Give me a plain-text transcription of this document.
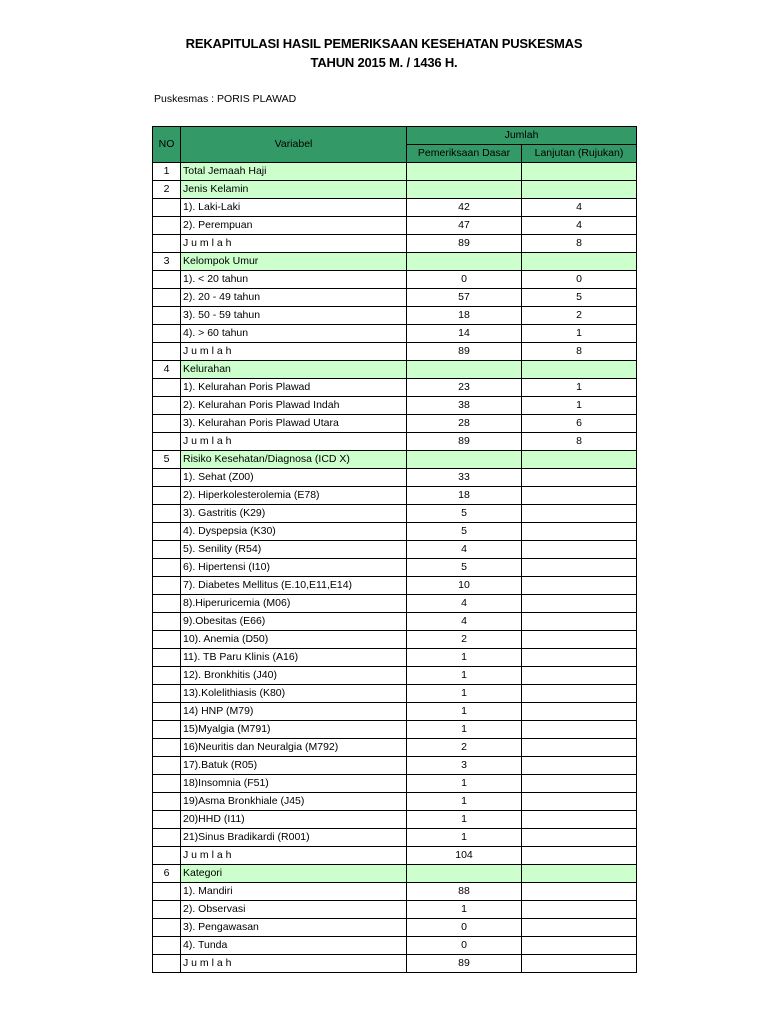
REKAPITULASI HASIL PEMERIKSAAN KESEHATAN PUSKESMAS
TAHUN 2015 M. / 1436 H.
Puskesmas : PORIS PLAWAD
NO	Variabel	Jumlah	
		Pemeriksaan Dasar	Lanjutan (Rujukan)
1	Total Jemaah Haji		
2	Jenis Kelamin		
	1). Laki-Laki	42	4
	2). Perempuan	47	4
	J u m l a h	89	8
3	Kelompok Umur		
	1). < 20 tahun	0	0
	2). 20 - 49 tahun	57	5
	3). 50 - 59 tahun	18	2
	4). > 60 tahun	14	1
	J u m l a h	89	8
4	Kelurahan		
	1). Kelurahan Poris Plawad	23	1
	2). Kelurahan Poris Plawad Indah	38	1
	3). Kelurahan Poris Plawad Utara	28	6
	J u m l a h	89	8
5	Risiko Kesehatan/Diagnosa (ICD X)		
	1). Sehat (Z00)	33	
	2). Hiperkolesterolemia (E78)	18	
	3). Gastritis (K29)	5	
	4). Dyspepsia (K30)	5	
	5). Senility (R54)	4	
	6). Hipertensi (I10)	5	
	7). Diabetes Mellitus (E.10,E11,E14)	10	
	8).Hiperuricemia (M06)	4	
	9).Obesitas (E66)	4	
	10). Anemia (D50)	2	
	11). TB Paru Klinis (A16)	1	
	12). Bronkhitis (J40)	1	
	13).Kolelithiasis (K80)	1	
	14) HNP (M79)	1	
	15)Myalgia (M791)	1	
	16)Neuritis dan Neuralgia (M792)	2	
	17).Batuk (R05)	3	
	18)Insomnia (F51)	1	
	19)Asma Bronkhiale (J45)	1	
	20)HHD (I11)	1	
	21)Sinus Bradikardi (R001)	1	
	J u m l a h	104	
6	Kategori		
	1). Mandiri	88	
	2). Observasi	1	
	3). Pengawasan	0	
	4). Tunda	0	
	J u m l a h	89	
